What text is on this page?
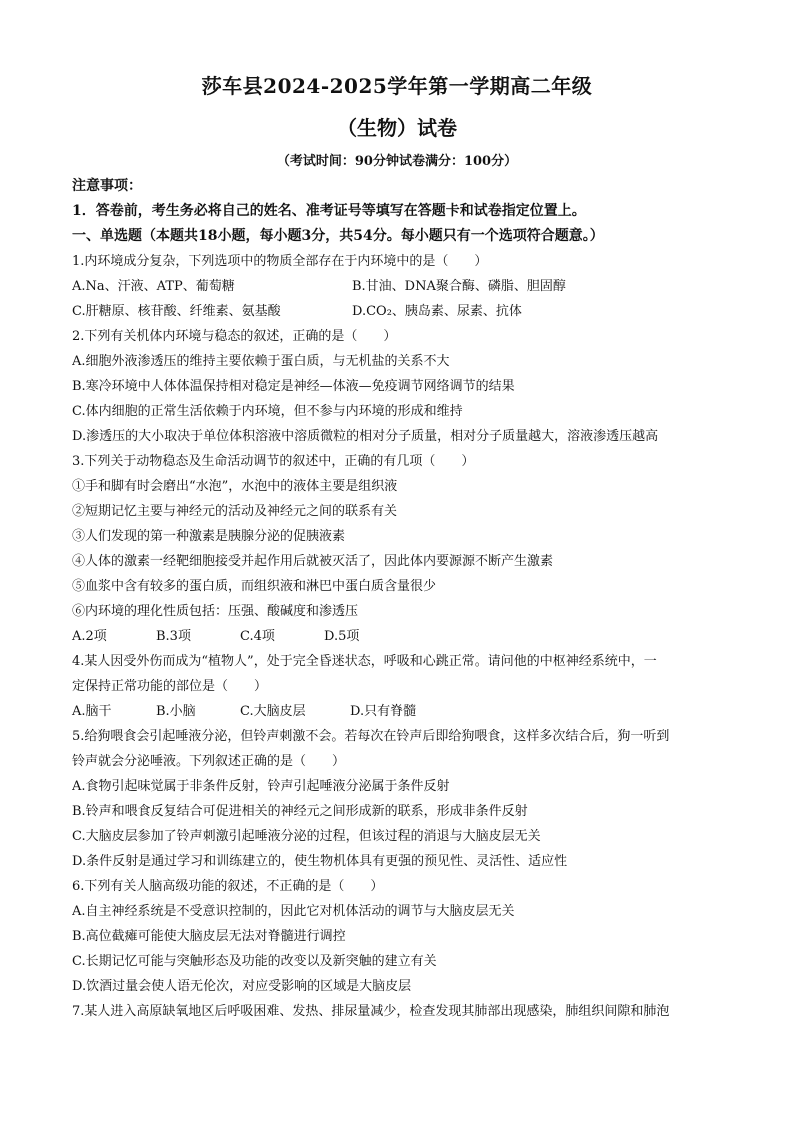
莎车县2024-2025学年第一学期高二年级
（生物）试卷
（考试时间：90分钟试卷满分：100分）
注意事项：
1．答卷前，考生务必将自己的姓名、准考证号等填写在答题卡和试卷指定位置上。
一、单选题（本题共18小题，每小题3分，共54分。每小题只有一个选项符合题意。）
1.内环境成分复杂，下列选项中的物质全部存在于内环境中的是（　　）
A.Na、汗液、ATP、葡萄糖	B.甘油、DNA聚合酶、磷脂、胆固醇
C.肝糖原、核苷酸、纤维素、氨基酸	D.CO₂、胰岛素、尿素、抗体
2.下列有关机体内环境与稳态的叙述，正确的是（　　）
A.细胞外液渗透压的维持主要依赖于蛋白质，与无机盐的关系不大
B.寒冷环境中人体体温保持相对稳定是神经—体液—免疫调节网络调节的结果
C.体内细胞的正常生活依赖于内环境，但不参与内环境的形成和维持
D.渗透压的大小取决于单位体积溶液中溶质微粒的相对分子质量，相对分子质量越大，溶液渗透压越高
3.下列关于动物稳态及生命活动调节的叙述中，正确的有几项（　　）
①手和脚有时会磨出“水泡”，水泡中的液体主要是组织液
②短期记忆主要与神经元的活动及神经元之间的联系有关
③人们发现的第一种激素是胰腺分泌的促胰液素
④人体的激素一经靶细胞接受并起作用后就被灭活了，因此体内要源源不断产生激素
⑤血浆中含有较多的蛋白质，而组织液和淋巴中蛋白质含量很少
⑥内环境的理化性质包括：压强、酸碱度和渗透压
A.2项	B.3项	C.4项	D.5项
4.某人因受外伤而成为“植物人”，处于完全昏迷状态，呼吸和心跳正常。请问他的中枢神经系统中，一
定保持正常功能的部位是（　　）
A.脑干	B.小脑	C.大脑皮层	D.只有脊髓
5.给狗喂食会引起唾液分泌，但铃声刺激不会。若每次在铃声后即给狗喂食，这样多次结合后，狗一听到
铃声就会分泌唾液。下列叙述正确的是（　　）
A.食物引起味觉属于非条件反射，铃声引起唾液分泌属于条件反射
B.铃声和喂食反复结合可促进相关的神经元之间形成新的联系，形成非条件反射
C.大脑皮层参加了铃声刺激引起唾液分泌的过程，但该过程的消退与大脑皮层无关
D.条件反射是通过学习和训练建立的，使生物机体具有更强的预见性、灵活性、适应性
6.下列有关人脑高级功能的叙述，不正确的是（　　）
A.自主神经系统是不受意识控制的，因此它对机体活动的调节与大脑皮层无关
B.高位截瘫可能使大脑皮层无法对脊髓进行调控
C.长期记忆可能与突触形态及功能的改变以及新突触的建立有关
D.饮酒过量会使人语无伦次，对应受影响的区域是大脑皮层
7.某人进入高原缺氧地区后呼吸困难、发热、排尿量减少，检查发现其肺部出现感染，肺组织间隙和肺泡
